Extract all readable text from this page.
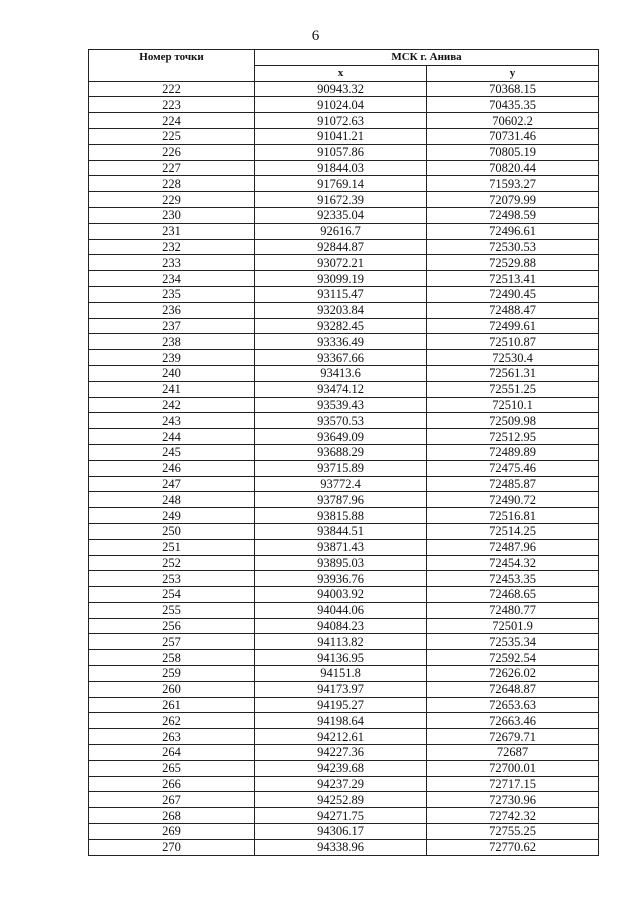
6
Номер точки	МСК г. Анива	
	x	y
222	90943.32	70368.15
223	91024.04	70435.35
224	91072.63	70602.2
225	91041.21	70731.46
226	91057.86	70805.19
227	91844.03	70820.44
228	91769.14	71593.27
229	91672.39	72079.99
230	92335.04	72498.59
231	92616.7	72496.61
232	92844.87	72530.53
233	93072.21	72529.88
234	93099.19	72513.41
235	93115.47	72490.45
236	93203.84	72488.47
237	93282.45	72499.61
238	93336.49	72510.87
239	93367.66	72530.4
240	93413.6	72561.31
241	93474.12	72551.25
242	93539.43	72510.1
243	93570.53	72509.98
244	93649.09	72512.95
245	93688.29	72489.89
246	93715.89	72475.46
247	93772.4	72485.87
248	93787.96	72490.72
249	93815.88	72516.81
250	93844.51	72514.25
251	93871.43	72487.96
252	93895.03	72454.32
253	93936.76	72453.35
254	94003.92	72468.65
255	94044.06	72480.77
256	94084.23	72501.9
257	94113.82	72535.34
258	94136.95	72592.54
259	94151.8	72626.02
260	94173.97	72648.87
261	94195.27	72653.63
262	94198.64	72663.46
263	94212.61	72679.71
264	94227.36	72687
265	94239.68	72700.01
266	94237.29	72717.15
267	94252.89	72730.96
268	94271.75	72742.32
269	94306.17	72755.25
270	94338.96	72770.62
